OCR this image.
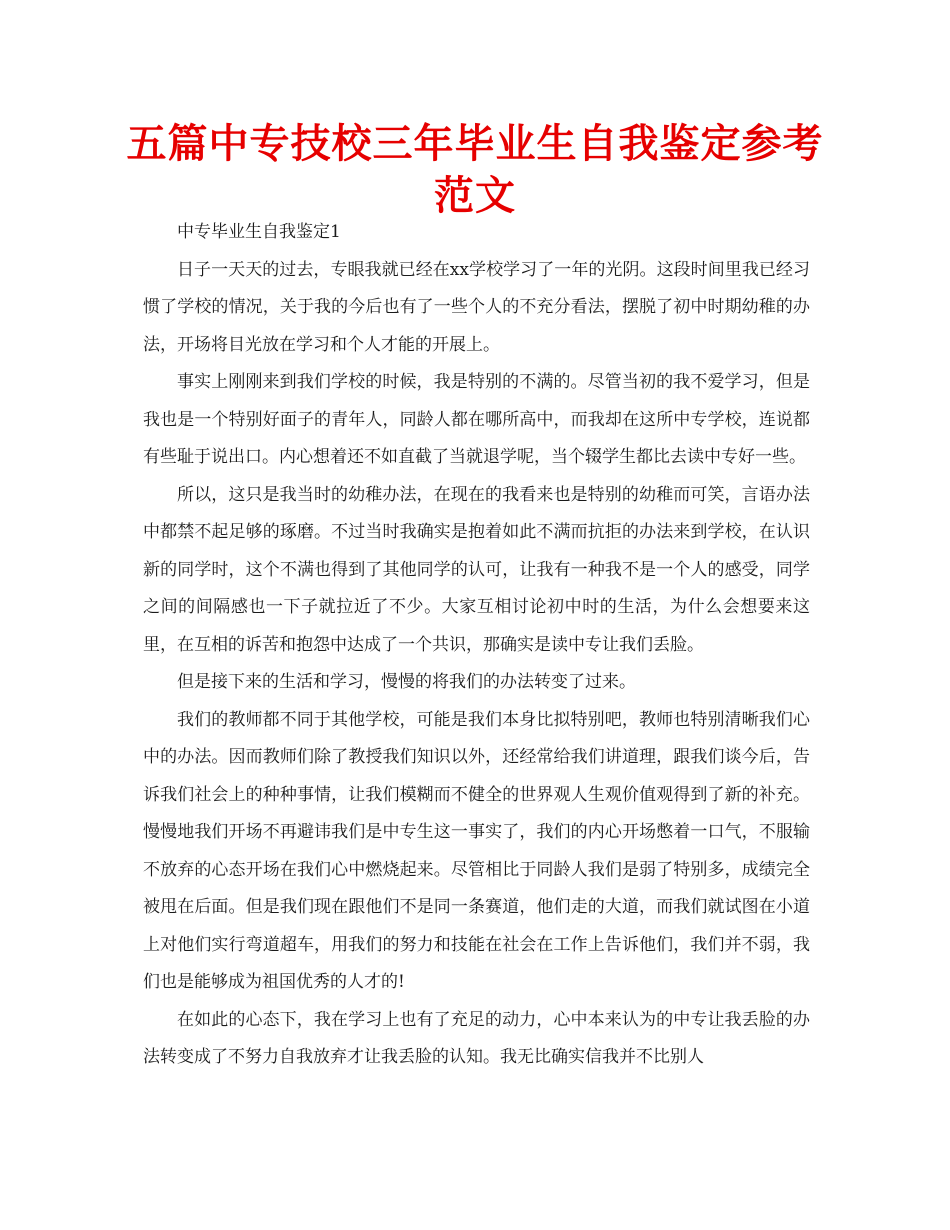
五篇中专技校三年毕业生自我鉴定参考范文

中专毕业生自我鉴定1

日子一天天的过去，专眼我就已经在xx学校学习了一年的光阴。这段时间里我已经习惯了学校的情况，关于我的今后也有了一些个人的不充分看法，摆脱了初中时期幼稚的办法，开场将目光放在学习和个人才能的开展上。

事实上刚刚来到我们学校的时候，我是特别的不满的。尽管当初的我不爱学习，但是我也是一个特别好面子的青年人，同龄人都在哪所高中，而我却在这所中专学校，连说都有些耻于说出口。内心想着还不如直截了当就退学呢，当个辍学生都比去读中专好一些。

所以，这只是我当时的幼稚办法，在现在的我看来也是特别的幼稚而可笑，言语办法中都禁不起足够的琢磨。不过当时我确实是抱着如此不满而抗拒的办法来到学校，在认识新的同学时，这个不满也得到了其他同学的认可，让我有一种我不是一个人的感受，同学之间的间隔感也一下子就拉近了不少。大家互相讨论初中时的生活，为什么会想要来这里，在互相的诉苦和抱怨中达成了一个共识，那确实是读中专让我们丢脸。

但是接下来的生活和学习，慢慢的将我们的办法转变了过来。

我们的教师都不同于其他学校，可能是我们本身比拟特别吧，教师也特别清晰我们心中的办法。因而教师们除了教授我们知识以外，还经常给我们讲道理，跟我们谈今后，告诉我们社会上的种种事情，让我们模糊而不健全的世界观人生观价值观得到了新的补充。慢慢地我们开场不再避讳我们是中专生这一事实了，我们的内心开场憋着一口气，不服输不放弃的心态开场在我们心中燃烧起来。尽管相比于同龄人我们是弱了特别多，成绩完全被甩在后面。但是我们现在跟他们不是同一条赛道，他们走的大道，而我们就试图在小道上对他们实行弯道超车，用我们的努力和技能在社会在工作上告诉他们，我们并不弱，我们也是能够成为祖国优秀的人才的!

在如此的心态下，我在学习上也有了充足的动力，心中本来认为的中专让我丢脸的办法转变成了不努力自我放弃才让我丢脸的认知。我无比确实信我并不比别人
